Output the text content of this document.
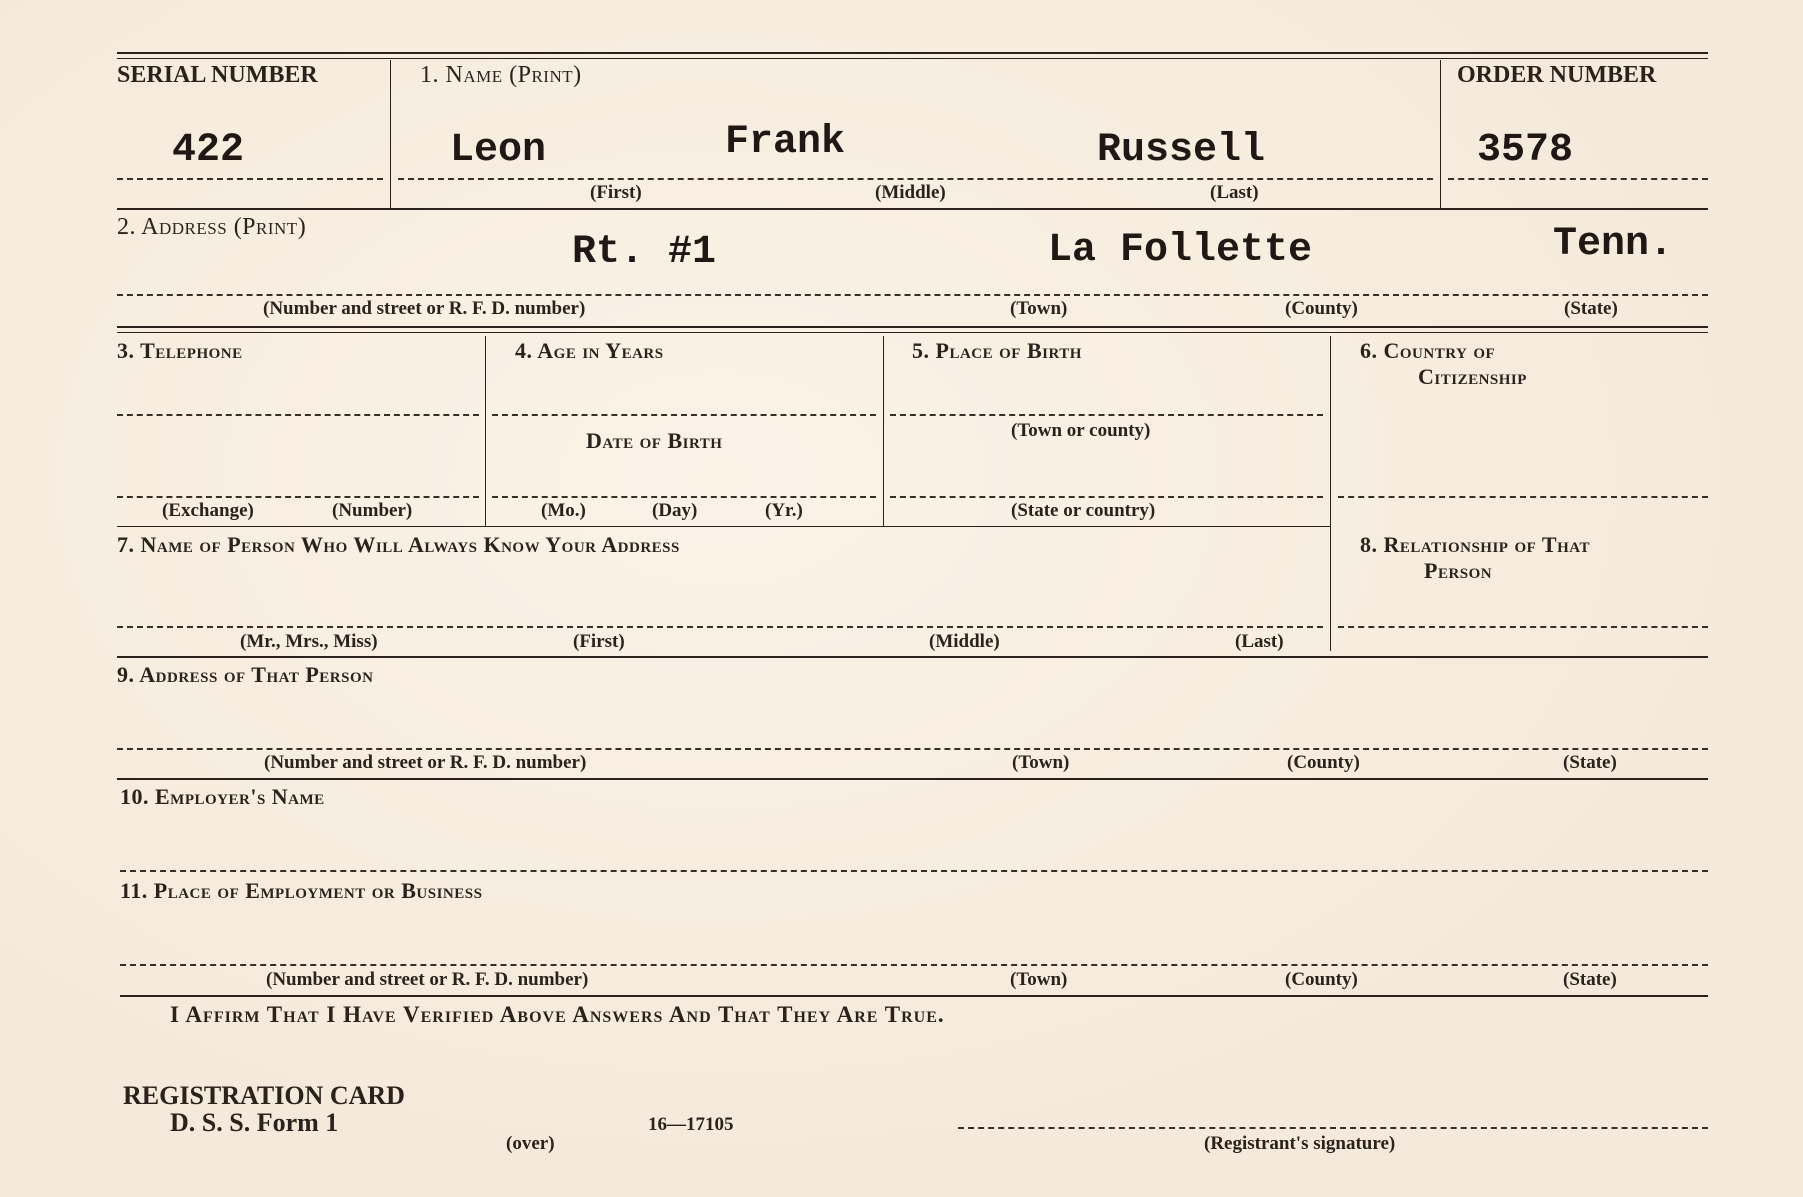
SERIAL NUMBER	1. Name (Print)	ORDER NUMBER
422	Leon	Frank	Russell	3578
(First)	(Middle)	(Last)
2. Address (Print)
Rt. #1	La Follette	Tenn.
(Number and street or R. F. D. number)	(Town)	(County)	(State)
3. Telephone	4. Age in Years	5. Place of Birth	6. Country of
Citizenship
Date of Birth	(Town or county)
(Exchange)	(Number)	(Mo.)	(Day)	(Yr.)	(State or country)
7. Name of Person Who Will Always Know Your Address	8. Relationship of That
Person
(Mr., Mrs., Miss)	(First)	(Middle)	(Last)
9. Address of That Person
(Number and street or R. F. D. number)	(Town)	(County)	(State)
10. Employer's Name
11. Place of Employment or Business
(Number and street or R. F. D. number)	(Town)	(County)	(State)
I Affirm That I Have Verified Above Answers And That They Are True.
REGISTRATION CARD
D. S. S. Form 1
(over)
16—17105
(Registrant's signature)
